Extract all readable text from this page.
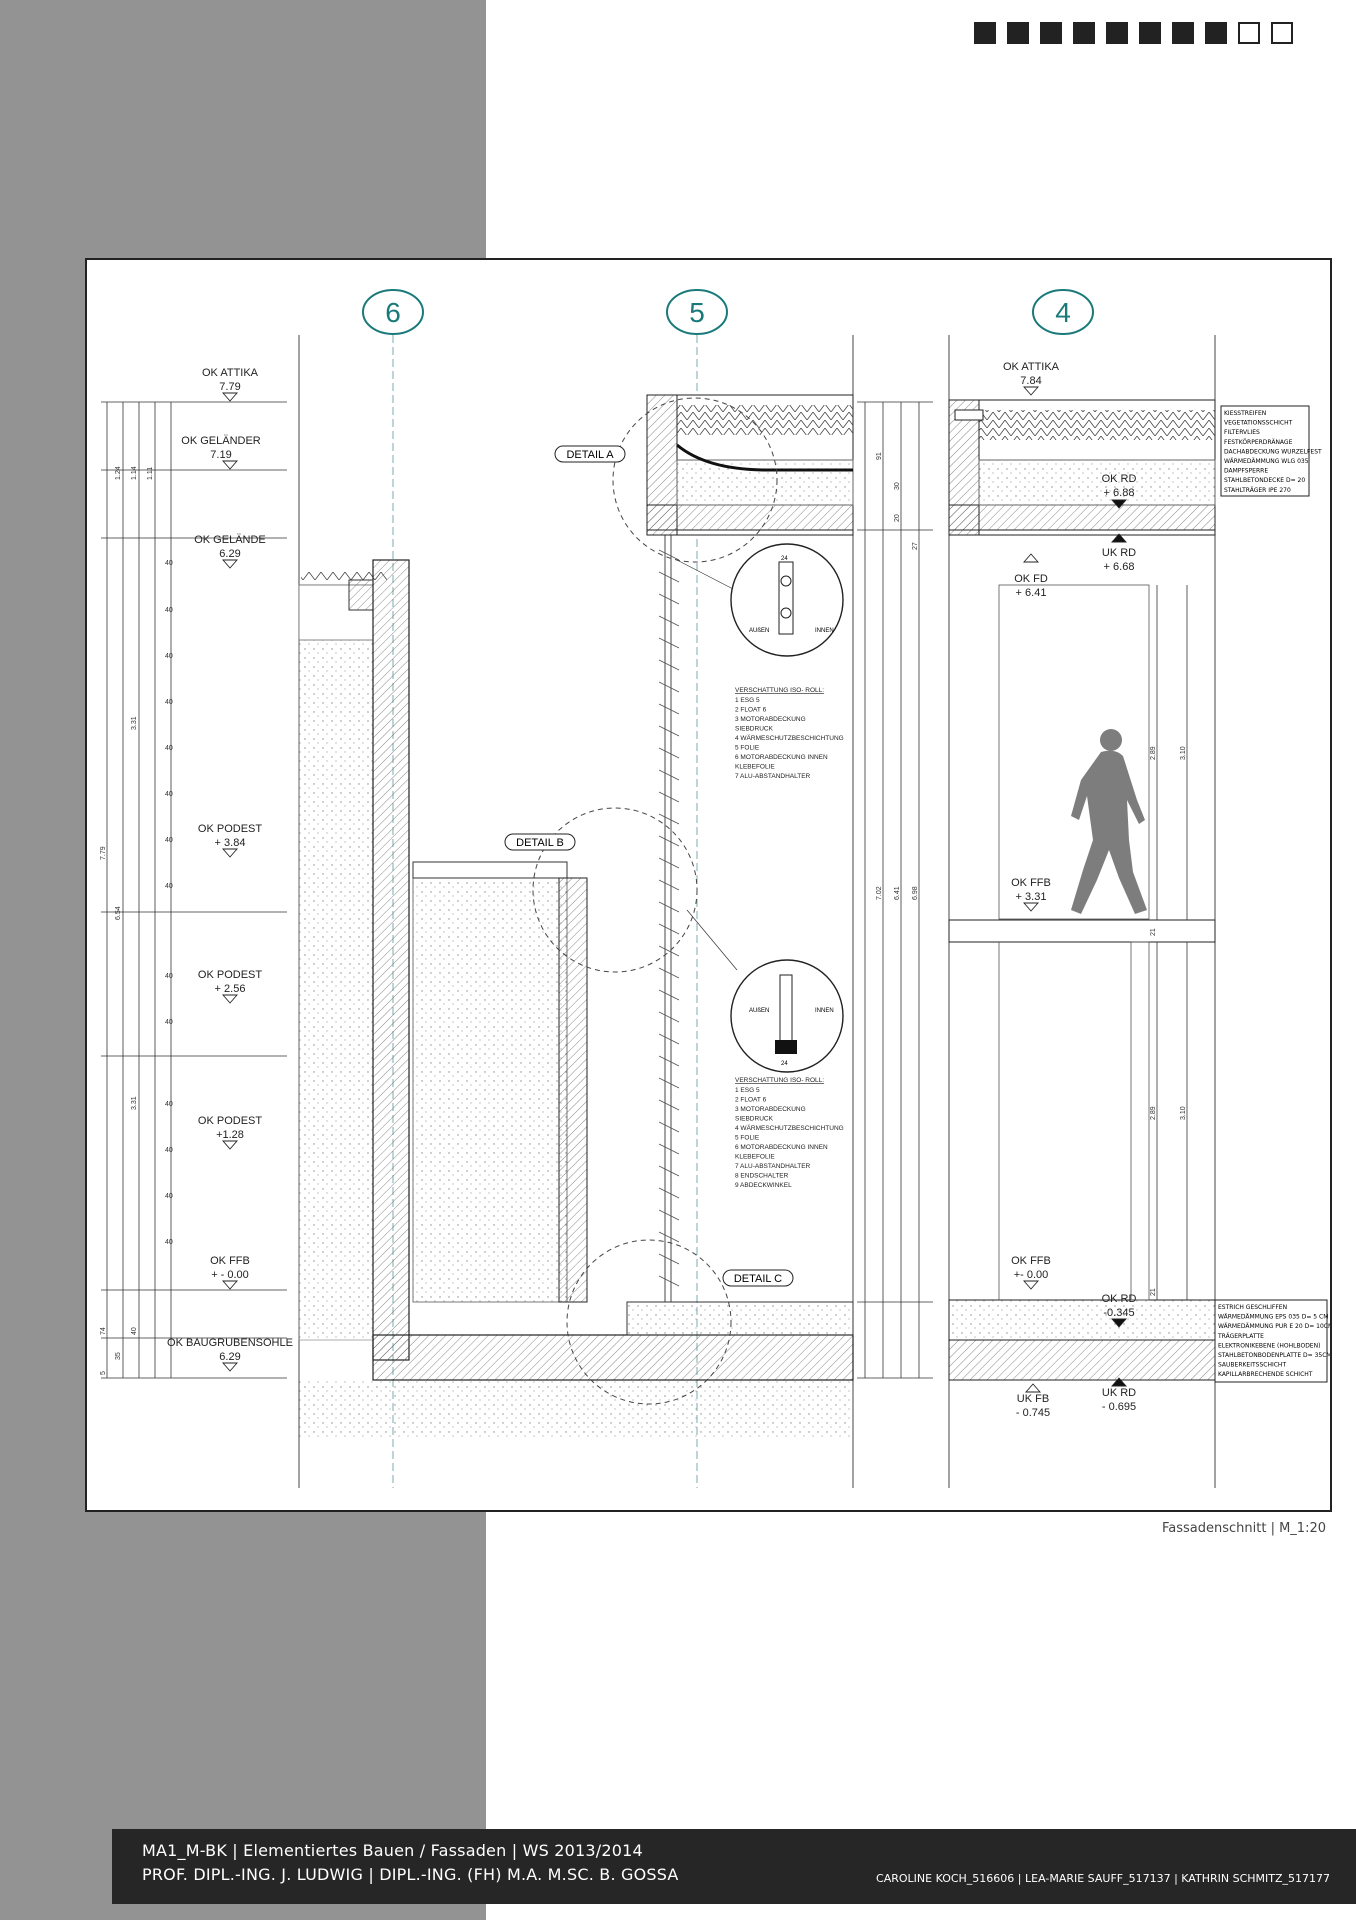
6	5	4
7.79
1.24 1.14 1.11
3.31
6.54
3.31
74	40
35
5
40
40
40
40
40
40
40
40
40
40
40
40
40
40
OK ATTIKA
7.79
OK GELÄNDER
7.19
OK GELÄNDE
6.29
OK PODEST
+ 3.84
OK PODEST
+ 2.56
OK PODEST
+1.28
OK FFB
+ - 0.00
OK BAUGRUBENSOHLE
6.29
DETAIL A
DETAIL B
DETAIL C
AUßEN	INNEN
24
AUßEN	INNEN
24
VERSCHATTUNG ISO- ROLL:
1 ESG 5
2 FLOAT 6
3 MOTORABDECKUNG
SIEBDRUCK
4 WÄRMESCHUTZBESCHICHTUNG
5 FOLIE
6 MOTORABDECKUNG INNEN
KLEBEFOLIE
7 ALU-ABSTANDHALTER
VERSCHATTUNG ISO- ROLL:
1 ESG 5
2 FLOAT 6
3 MOTORABDECKUNG
SIEBDRUCK
4 WÄRMESCHUTZBESCHICHTUNG
5 FOLIE
6 MOTORABDECKUNG INNEN
KLEBEFOLIE
7 ALU-ABSTANDHALTER
8 ENDSCHALTER
9 ABDECKWINKEL
7.02 6.41 6.98
91
30
20
27
2.89	3.10
2.89	3.10
21
21
OK ATTIKA
7.84
OK RD
+ 6.88
UK RD
+ 6.68
OK FD
+ 6.41
OK FFB
+ 3.31
OK FFB
+- 0.00
OK RD
-0.345
UK FB
- 0.745
UK RD
- 0.695
KIESSTREIFEN
VEGETATIONSSCHICHT
FILTERVLIES
FESTKÖRPERDRÄNAGE
DACHABDECKUNG WURZELFEST
WÄRMEDÄMMUNG WLG 035
DAMPFSPERRE
STAHLBETONDECKE D= 20
STAHLTRÄGER IPE 270
ESTRICH GESCHLIFFEN
WÄRMEDÄMMUNG EPS 035 D= 5 CM
WÄRMEDÄMMUNG PUR E 20 D= 10CM
TRÄGERPLATTE
ELEKTRONIKEBENE (HOHLBODEN)
STAHLBETONBODENPLATTE D= 35CM
SAUBERKEITSSCHICHT
KAPILLARBRECHENDE SCHICHT
Fassadenschnitt | M_1:20
MA1_M-BK | Elementiertes Bauen / Fassaden | WS 2013/2014
PROF. DIPL.-ING. J. LUDWIG | DIPL.-ING. (FH) M.A. M.SC. B. GOSSA	CAROLINE KOCH_516606 | LEA-MARIE SAUFF_517137 | KATHRIN SCHMITZ_517177
